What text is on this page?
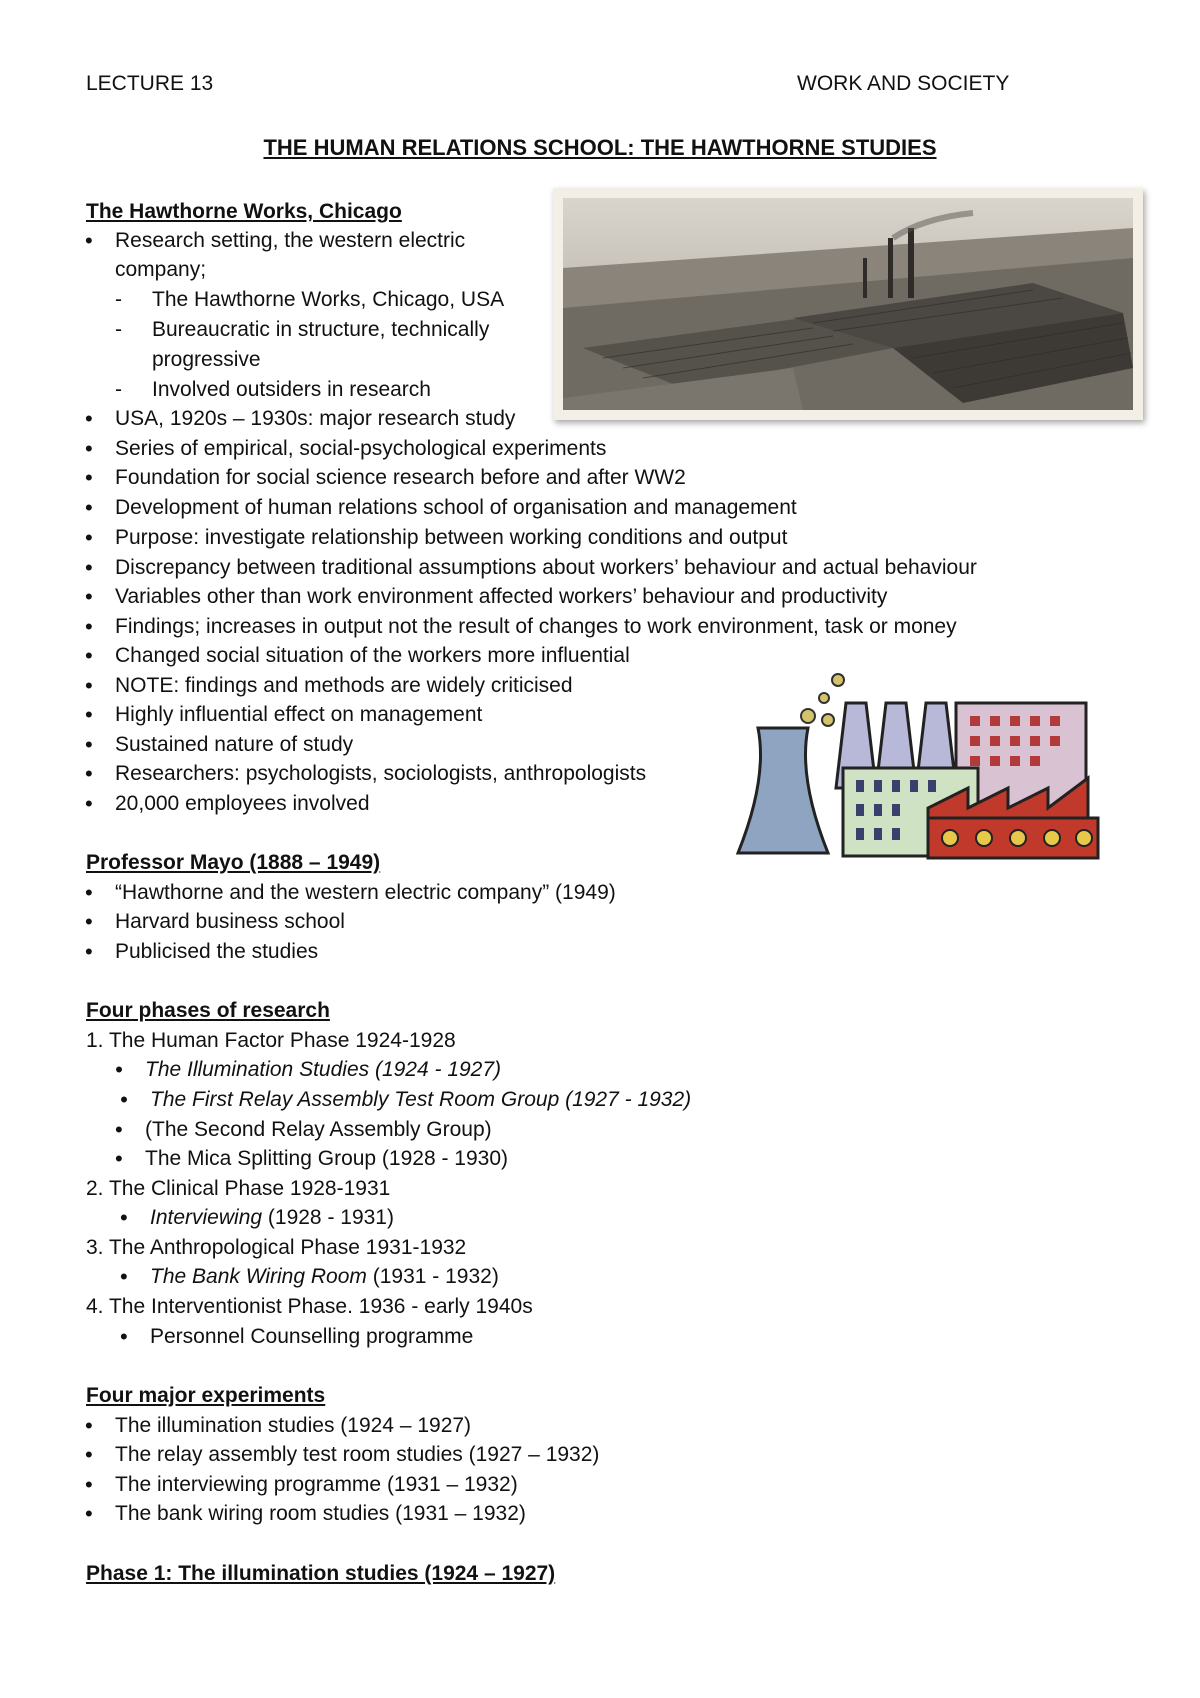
LECTURE 13	WORK AND SOCIETY
THE HUMAN RELATIONS SCHOOL: THE HAWTHORNE STUDIES
The Hawthorne Works, Chicago
• Research setting, the western electric
company;
- The Hawthorne Works, Chicago, USA
- Bureaucratic in structure, technically
progressive
- Involved outsiders in research
• USA, 1920s – 1930s: major research study
• Series of empirical, social-psychological experiments
• Foundation for social science research before and after WW2
• Development of human relations school of organisation and management
• Purpose: investigate relationship between working conditions and output
• Discrepancy between traditional assumptions about workers’ behaviour and actual behaviour
• Variables other than work environment affected workers’ behaviour and productivity
• Findings; increases in output not the result of changes to work environment, task or money
• Changed social situation of the workers more influential
• NOTE: findings and methods are widely criticised
• Highly influential effect on management
• Sustained nature of study
• Researchers: psychologists, sociologists, anthropologists
• 20,000 employees involved
Professor Mayo (1888 – 1949)
• “Hawthorne and the western electric company” (1949)
• Harvard business school
• Publicised the studies
Four phases of research
1. The Human Factor Phase 1924-1928
• The Illumination Studies (1924 - 1927)
• The First Relay Assembly Test Room Group (1927 - 1932)
• (The Second Relay Assembly Group)
• The Mica Splitting Group (1928 - 1930)
2. The Clinical Phase 1928-1931
• Interviewing (1928 - 1931)
3. The Anthropological Phase 1931-1932
• The Bank Wiring Room (1931 - 1932)
4. The Interventionist Phase. 1936 - early 1940s
• Personnel Counselling programme
Four major experiments
• The illumination studies (1924 – 1927)
• The relay assembly test room studies (1927 – 1932)
• The interviewing programme (1931 – 1932)
• The bank wiring room studies (1931 – 1932)
Phase 1: The illumination studies (1924 – 1927)
